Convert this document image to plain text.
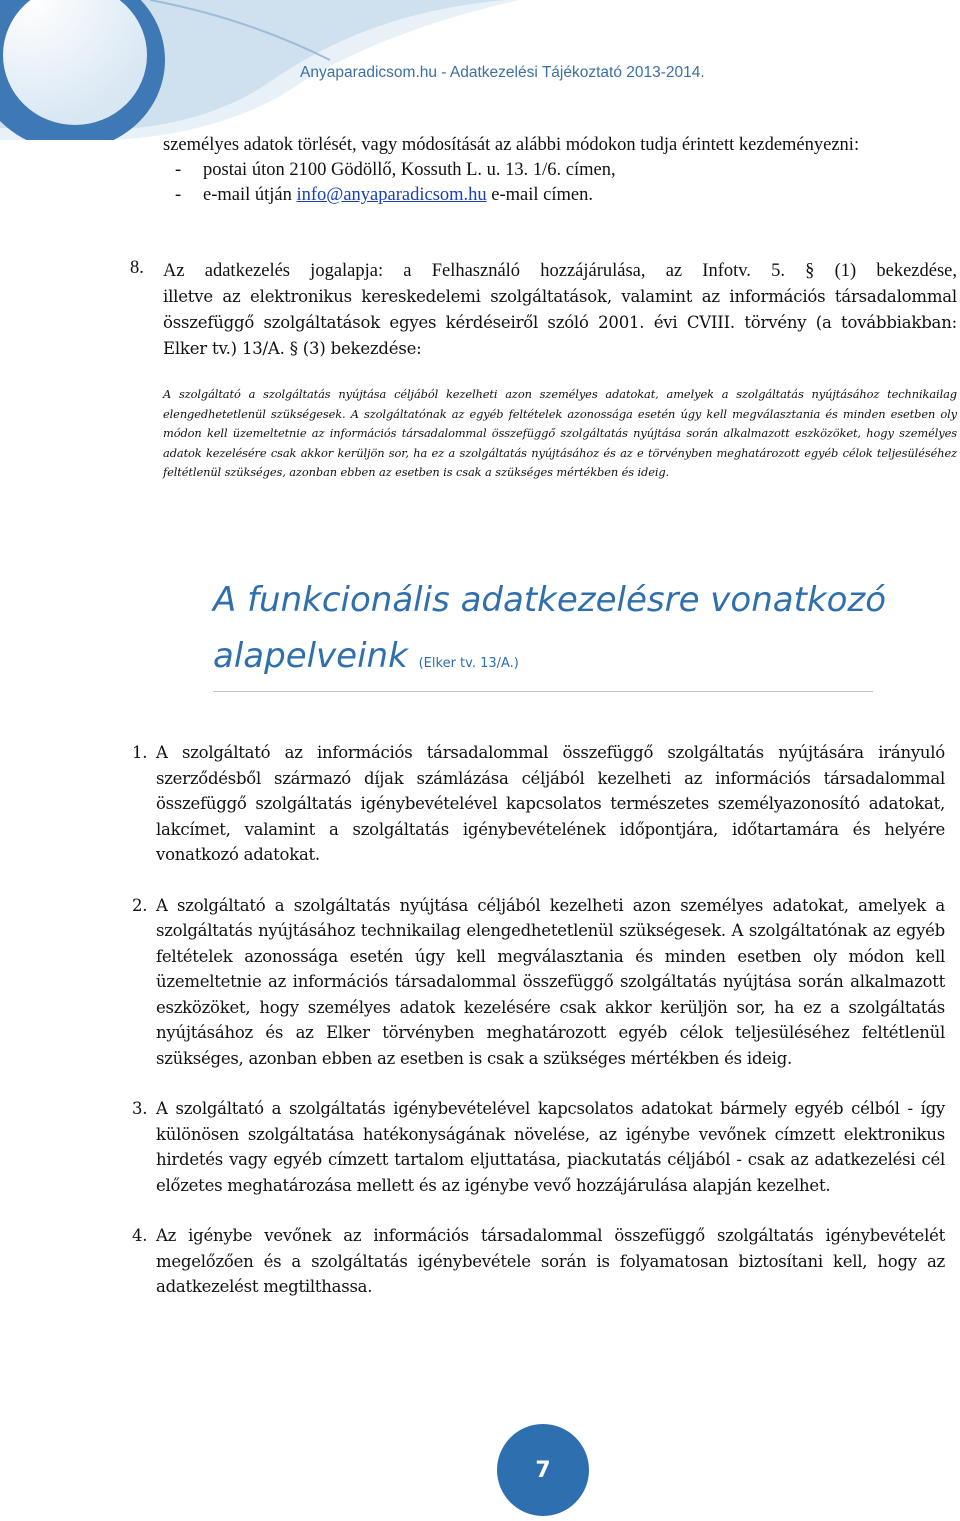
Anyaparadicsom.hu - Adatkezelési Tájékoztató 2013-2014.
személyes adatok törlését, vagy módosítását az alábbi módokon tudja érintett kezdeményezni:
- postai úton 2100 Gödöllő, Kossuth L. u. 13. 1/6. címen,
- e-mail útján info@anyaparadicsom.hu e-mail címen.
8. Az adatkezelés jogalapja: a Felhasználó hozzájárulása, az Infotv. 5. § (1) bekezdése,
illetve az elektronikus kereskedelemi szolgáltatások, valamint az információs társadalommal összefüggő szolgáltatások egyes kérdéseiről szóló 2001. évi CVIII. törvény (a továbbiakban: Elker tv.) 13/A. § (3) bekezdése:
A szolgáltató a szolgáltatás nyújtása céljából kezelheti azon személyes adatokat, amelyek a szolgáltatás nyújtásához technikailag elengedhetetlenül szükségesek. A szolgáltatónak az egyéb feltételek azonossága esetén úgy kell megválasztania és minden esetben oly módon kell üzemeltetnie az információs társadalommal összefüggő szolgáltatás nyújtása során alkalmazott eszközöket, hogy személyes adatok kezelésére csak akkor kerüljön sor, ha ez a szolgáltatás nyújtásához és az e törvényben meghatározott egyéb célok teljesüléséhez feltétlenül szükséges, azonban ebben az esetben is csak a szükséges mértékben és ideig.
A funkcionális adatkezelésre vonatkozó
alapelveink (Elker tv. 13/A.)
1. A szolgáltató az információs társadalommal összefüggő szolgáltatás nyújtására irányuló szerződésből származó díjak számlázása céljából kezelheti az információs társadalommal összefüggő szolgáltatás igénybevételével kapcsolatos természetes személyazonosító adatokat, lakcímet, valamint a szolgáltatás igénybevételének időpontjára, időtartamára és helyére vonatkozó adatokat.
2. A szolgáltató a szolgáltatás nyújtása céljából kezelheti azon személyes adatokat, amelyek a szolgáltatás nyújtásához technikailag elengedhetetlenül szükségesek. A szolgáltatónak az egyéb feltételek azonossága esetén úgy kell megválasztania és minden esetben oly módon kell üzemeltetnie az információs társadalommal összefüggő szolgáltatás nyújtása során alkalmazott eszközöket, hogy személyes adatok kezelésére csak akkor kerüljön sor, ha ez a szolgáltatás nyújtásához és az Elker törvényben meghatározott egyéb célok teljesüléséhez feltétlenül szükséges, azonban ebben az esetben is csak a szükséges mértékben és ideig.
3. A szolgáltató a szolgáltatás igénybevételével kapcsolatos adatokat bármely egyéb célból - így különösen szolgáltatása hatékonyságának növelése, az igénybe vevőnek címzett elektronikus hirdetés vagy egyéb címzett tartalom eljuttatása, piackutatás céljából - csak az adatkezelési cél előzetes meghatározása mellett és az igénybe vevő hozzájárulása alapján kezelhet.
4. Az igénybe vevőnek az információs társadalommal összefüggő szolgáltatás igénybevételét megelőzően és a szolgáltatás igénybevétele során is folyamatosan biztosítani kell, hogy az adatkezelést megtilthassa.
7
